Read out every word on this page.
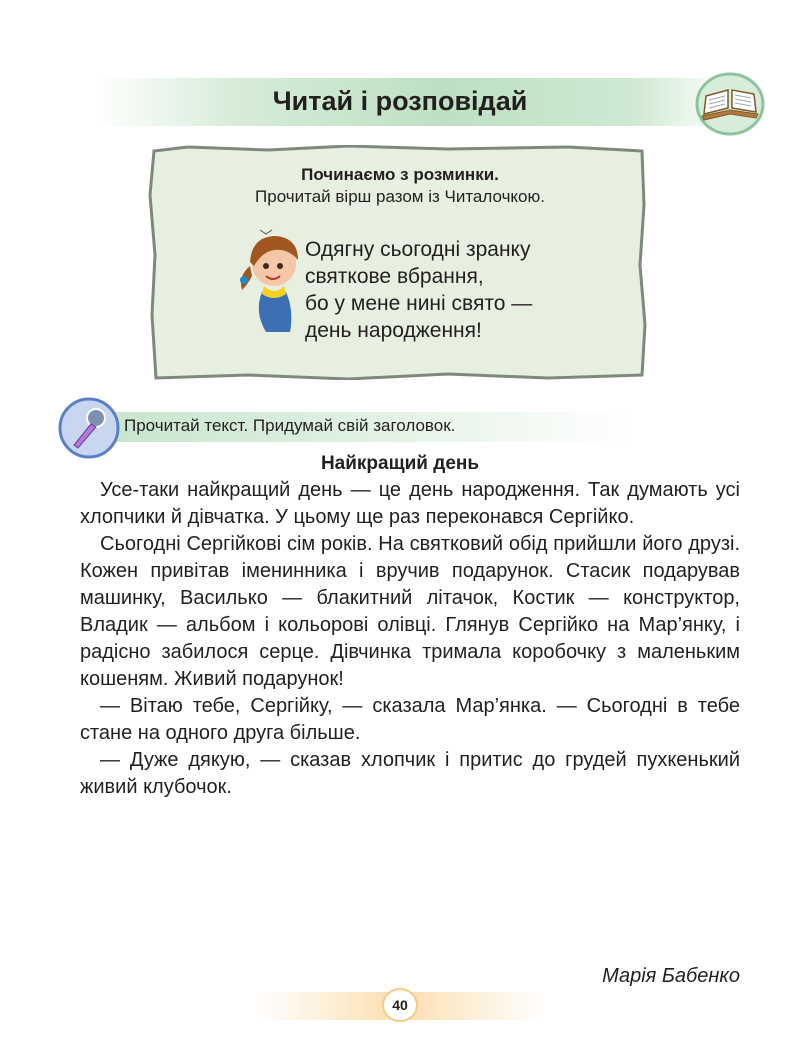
Читай і розповідай
Починаємо з розминки.
Прочитай вірш разом із Читалочкою.
Одягну сьогодні зранку
святкове вбрання,
бо у мене нині свято —
день народження!
Прочитай текст. Придумай свій заголовок.
Найкращий день

Усе-таки найкращий день — це день народження. Так думають усі хлопчики й дівчатка. У цьому ще раз переконався Сергійко.

Сьогодні Сергійкові сім років. На святковий обід прийшли його друзі. Кожен привітав іменинника і вручив подарунок. Стасик подарував машинку, Василько — блакитний літачок, Костик — конструктор, Владик — альбом і кольорові олівці. Глянув Сергійко на Мар’янку, і радісно забилося серце. Дівчинка тримала коробочку з маленьким кошеням. Живий подарунок!

— Вітаю тебе, Сергійку, — сказала Мар’янка. — Сьогодні в тебе стане на одного друга більше.

— Дуже дякую, — сказав хлопчик і притис до грудей пухкенький живий клубочок.

Марія Бабенко
40
